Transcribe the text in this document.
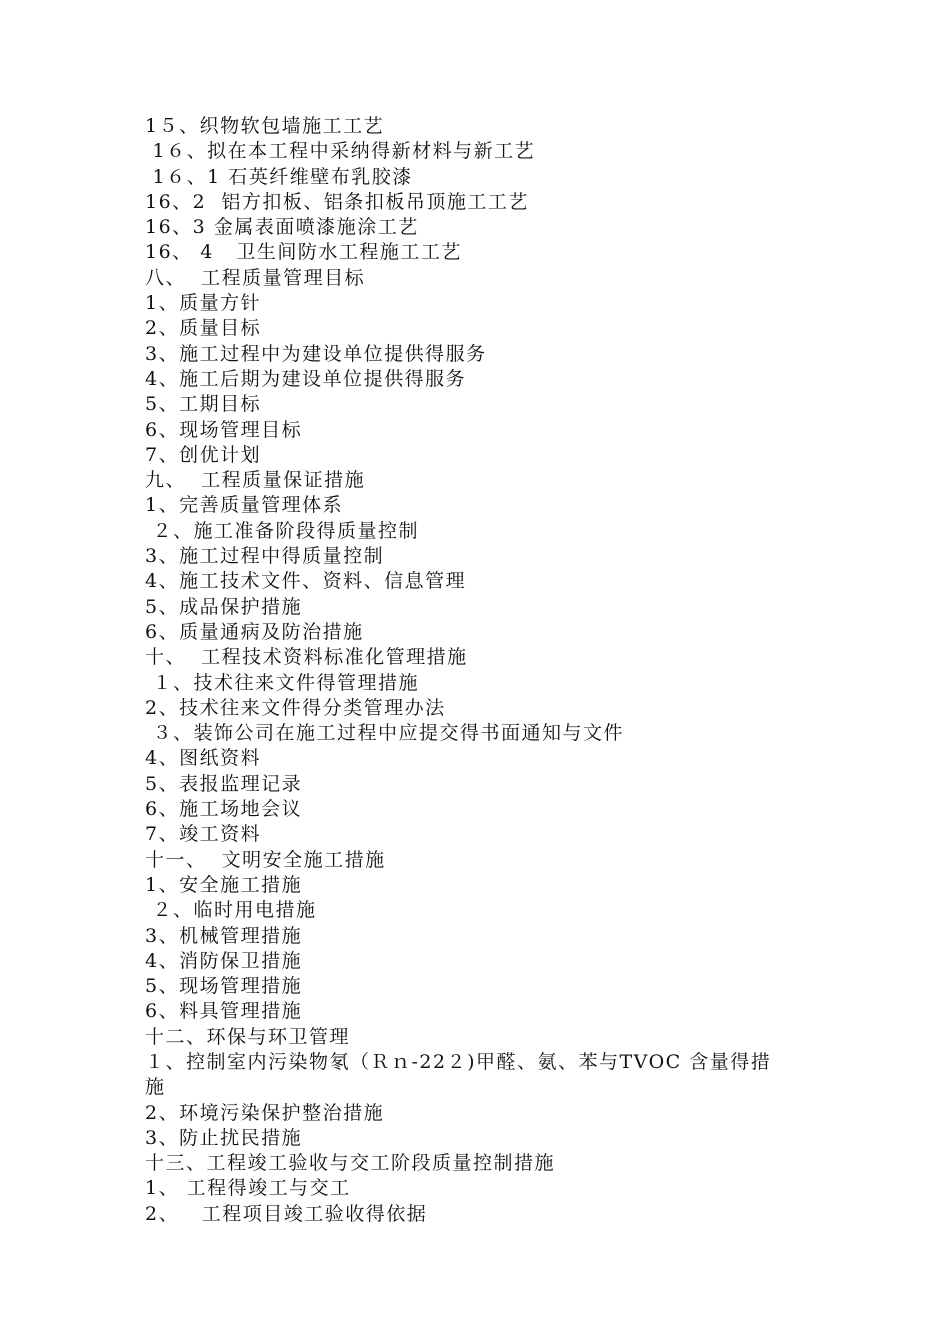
1５、织物软包墙施工工艺
1６、拟在本工程中采纳得新材料与新工艺
1６、1 石英纤维壁布乳胶漆
16、2  铝方扣板、铝条扣板吊顶施工工艺
16、3 金属表面喷漆施涂工艺
16、 4   卫生间防水工程施工工艺
八、  工程质量管理目标
1、质量方针
2、质量目标
3、施工过程中为建设单位提供得服务
4、施工后期为建设单位提供得服务
5、工期目标
6、现场管理目标
7、创优计划
九、  工程质量保证措施
1、完善质量管理体系
２、施工准备阶段得质量控制
3、施工过程中得质量控制
4、施工技术文件、资料、信息管理
5、成品保护措施
6、质量通病及防治措施
十、  工程技术资料标准化管理措施
１、技术往来文件得管理措施
2、技术往来文件得分类管理办法
３、装饰公司在施工过程中应提交得书面通知与文件
4、图纸资料
5、表报监理记录
6、施工场地会议
7、竣工资料
十一、  文明安全施工措施
1、安全施工措施
２、临时用电措施
3、机械管理措施
4、消防保卫措施
5、现场管理措施
6、料具管理措施
十二、环保与环卫管理
１、控制室内污染物氡（Ｒｎ-22２)甲醛、氨、苯与TVOC 含量得措
施
2、环境污染保护整治措施
3、防止扰民措施
十三、工程竣工验收与交工阶段质量控制措施
1、 工程得竣工与交工
2、   工程项目竣工验收得依据
